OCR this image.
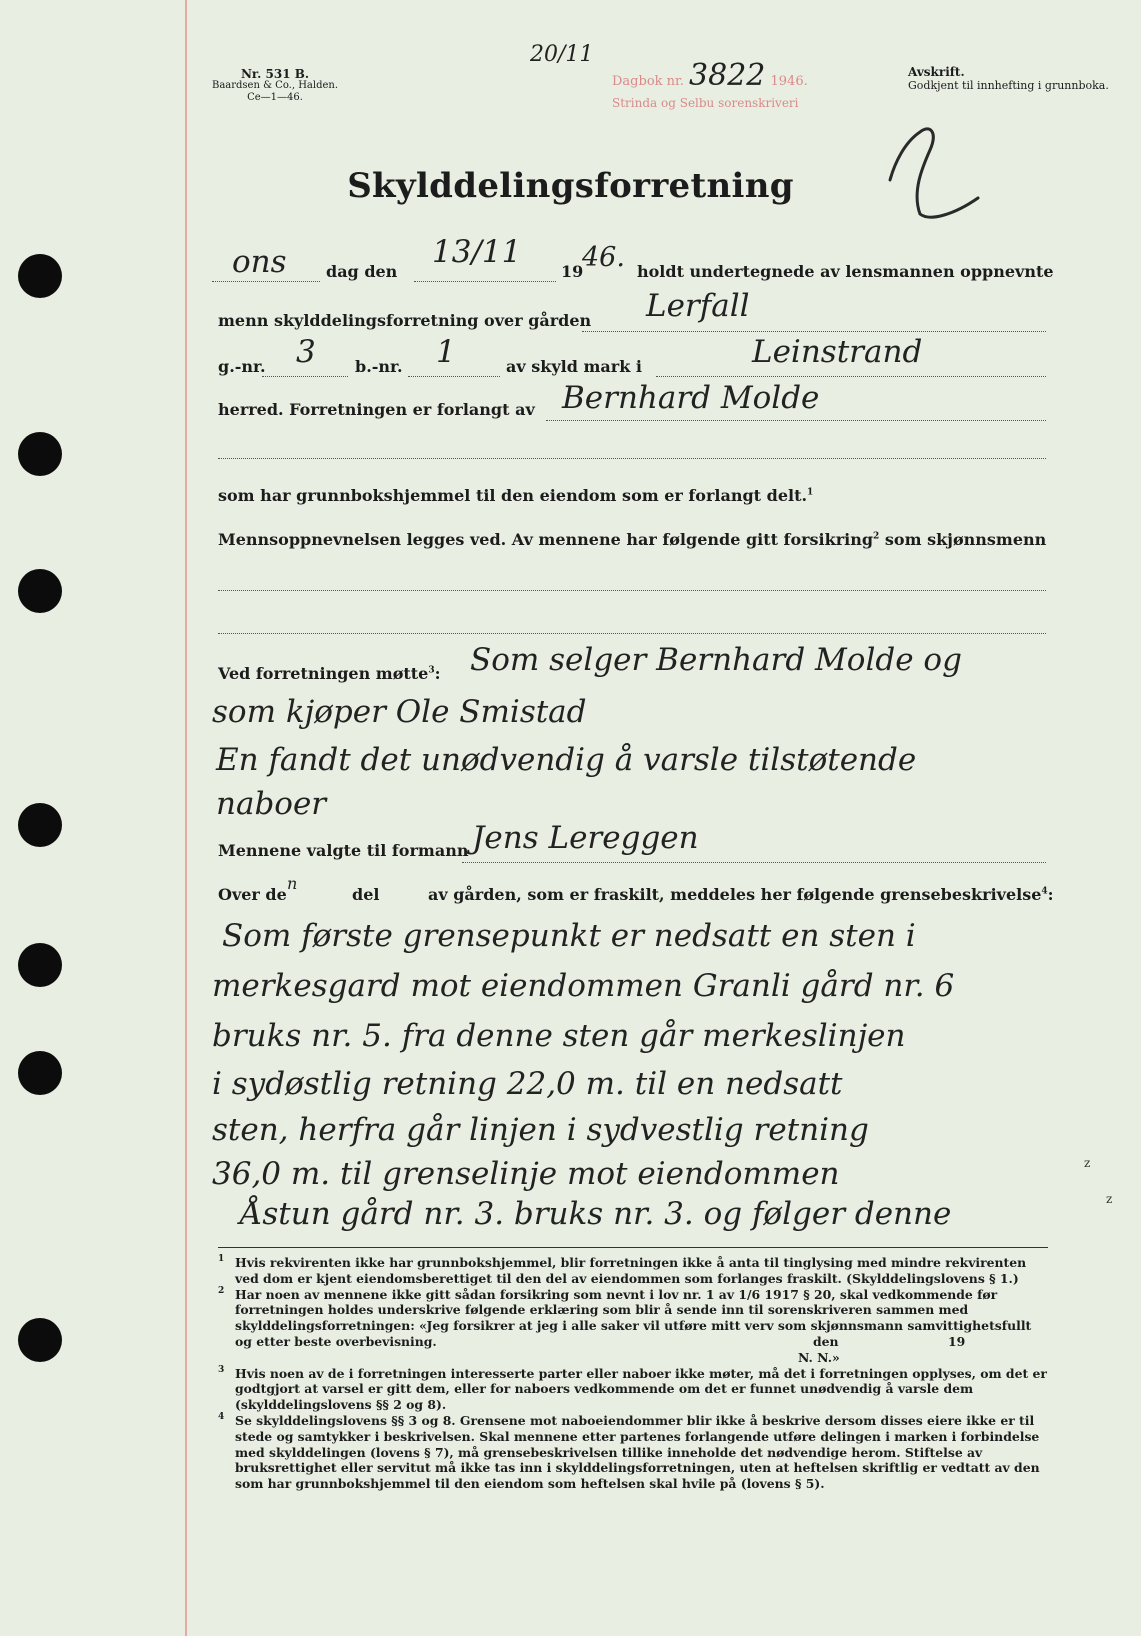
Nr. 531 B.
Baardsen & Co., Halden.
Ce—1—46.
20/11
Dagbok nr. 3822 1946.
Strinda og Selbu sorenskriveri
Avskrift.
Godkjent til innhefting i grunnboka.
Skylddelingsforretning
ons dag den
13/11
19
46. holdt undertegnede av lensmannen oppnevnte
menn skylddelingsforretning over gården Lerfall
g.-nr. 3 b.-nr. 1	av skyld mark i	Leinstrand
herred. Forretningen er forlangt av Bernhard Molde
som har grunnbokshjemmel til den eiendom som er forlangt delt.$^1$
Mennsoppnevnelsen legges ved. Av mennene har følgende gitt forsikring$^2$ som skjønnsmenn
Ved forretningen møtte$^3$: Som selger Bernhard Molde og
som kjøper Ole Smistad
En fandt det unødvendig å varsle tilstøtende
naboer
Mennene valgte til formann Jens Lereggen
Over de
n
del	av gården, som er fraskilt, meddeles her følgende grensebeskrivelse$^4$:
Som første grensepunkt er nedsatt en sten i
merkesgard mot eiendommen Granli gård nr. 6
bruks nr. 5. fra denne sten går merkeslinjen
i sydøstlig retning 22,0 m. til en nedsatt
sten, herfra går linjen i sydvestlig retning
36,0 m. til grenselinje mot eiendommen
Åstun gård nr. 3. bruks nr. 3. og følger denne
z
z

1 Hvis rekvirenten ikke har grunnbokshjemmel, blir forretningen ikke å anta til tinglysing med mindre rekvirenten ved dom er kjent eiendomsberettiget til den del av eiendommen som forlanges fraskilt. (Skylddelingslovens § 1.)

2 Har noen av mennene ikke gitt sådan forsikring som nevnt i lov nr. 1 av 1/6 1917 § 20, skal vedkommende før forretningen holdes underskrive følgende erklæring som blir å sende inn til sorenskriveren sammen med skylddelingsforretningen: «Jeg forsikrer at jeg i alle saker vil utføre mitt verv som skjønnsmann samvittighetsfullt og etter beste overbevisning.	den	19

N. N.»

3 Hvis noen av de i forretningen interesserte parter eller naboer ikke møter, må det i forretningen opplyses, om det er godtgjort at varsel er gitt dem, eller for naboers vedkommende om det er funnet unødvendig å varsle dem (skylddelingslovens §§ 2 og 8).

4 Se skylddelingslovens §§ 3 og 8. Grensene mot naboeiendommer blir ikke å beskrive dersom disses eiere ikke er til stede og samtykker i beskrivelsen. Skal mennene etter partenes forlangende utføre delingen i marken i forbindelse med skylddelingen (lovens § 7), må grensebeskrivelsen tillike inneholde det nødvendige herom. Stiftelse av bruksrettighet eller servitut må ikke tas inn i skylddelingsforretningen, uten at heftelsen skriftlig er vedtatt av den som har grunnbokshjemmel til den eiendom som heftelsen skal hvile på (lovens § 5).
